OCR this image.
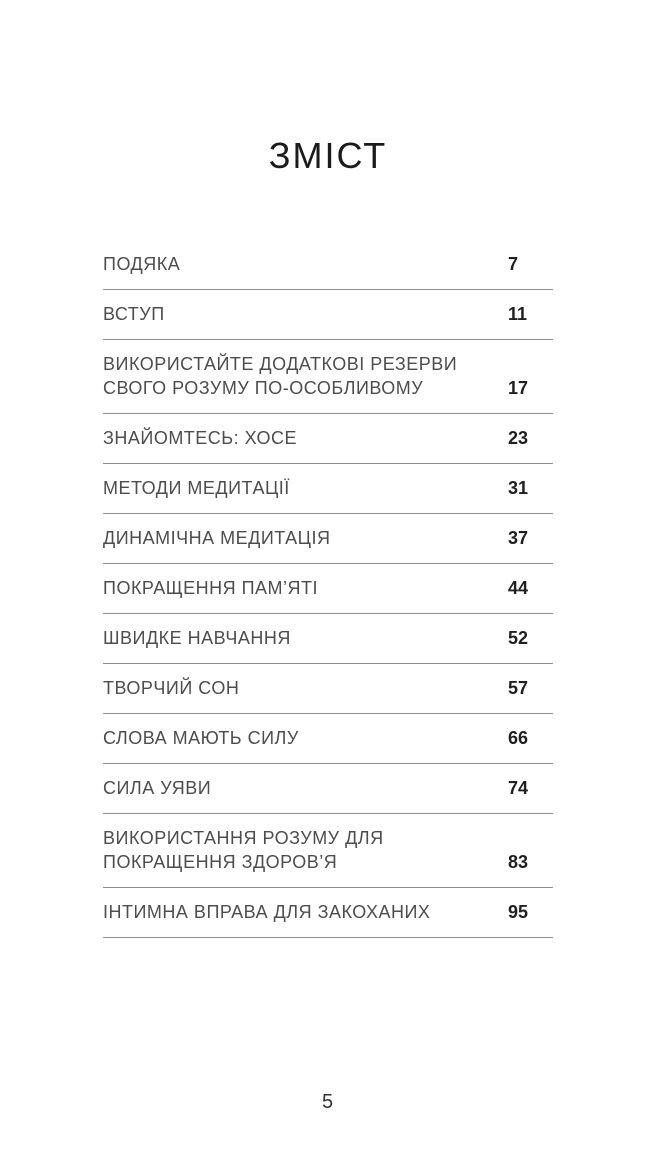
ЗМІСТ
ПОДЯКА	7
ВСТУП	11
ВИКОРИСТАЙТЕ ДОДАТКОВІ РЕЗЕРВИ СВОГО РОЗУМУ ПО-ОСОБЛИВОМУ	17
ЗНАЙОМТЕСЬ: ХОСЕ	23
МЕТОДИ МЕДИТАЦІЇ	31
ДИНАМІЧНА МЕДИТАЦІЯ	37
ПОКРАЩЕННЯ ПАМ’ЯТІ	44
ШВИДКЕ НАВЧАННЯ	52
ТВОРЧИЙ СОН	57
СЛОВА МАЮТЬ СИЛУ	66
СИЛА УЯВИ	74
ВИКОРИСТАННЯ РОЗУМУ ДЛЯ ПОКРАЩЕННЯ ЗДОРОВ’Я	83
ІНТИМНА ВПРАВА ДЛЯ ЗАКОХАНИХ	95
5
